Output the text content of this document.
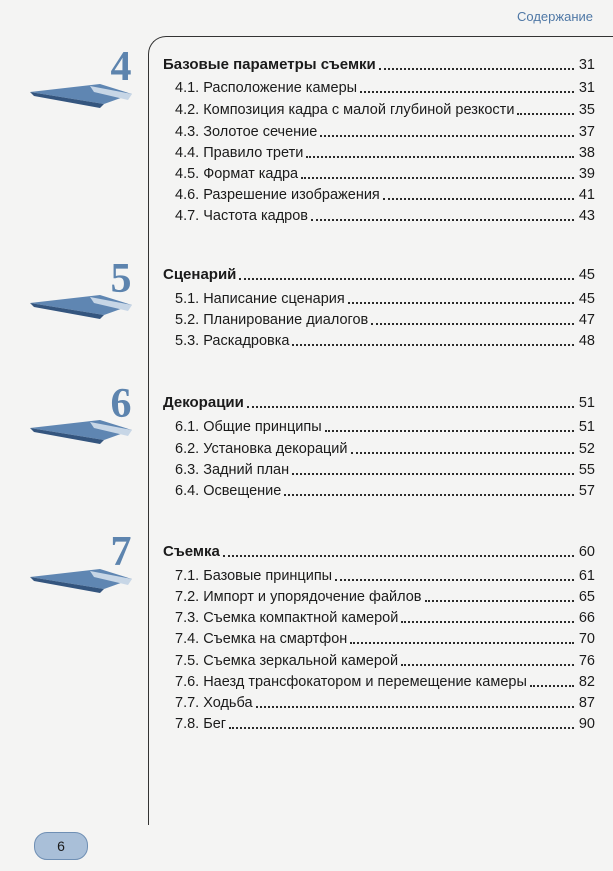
Содержание
4	Базовые параметры съемки	31
4.1. Расположение камеры	31
4.2. Композиция кадра с малой глубиной резкости	35
4.3. Золотое сечение	37
4.4. Правило трети	38
4.5. Формат кадра	39
4.6. Разрешение изображения	41
4.7. Частота кадров	43
5	Сценарий	45
5.1. Написание сценария	45
5.2. Планирование диалогов	47
5.3. Раскадровка	48
6	Декорации	51
6.1. Общие принципы	51
6.2. Установка декораций	52
6.3. Задний план	55
6.4. Освещение	57
7	Съемка	60
7.1. Базовые принципы	61
7.2. Импорт и упорядочение файлов	65
7.3. Съемка компактной камерой	66
7.4. Съемка на смартфон	70
7.5. Съемка зеркальной камерой	76
7.6. Наезд трансфокатором и перемещение камеры	82
7.7. Ходьба	87
7.8. Бег	90
6
